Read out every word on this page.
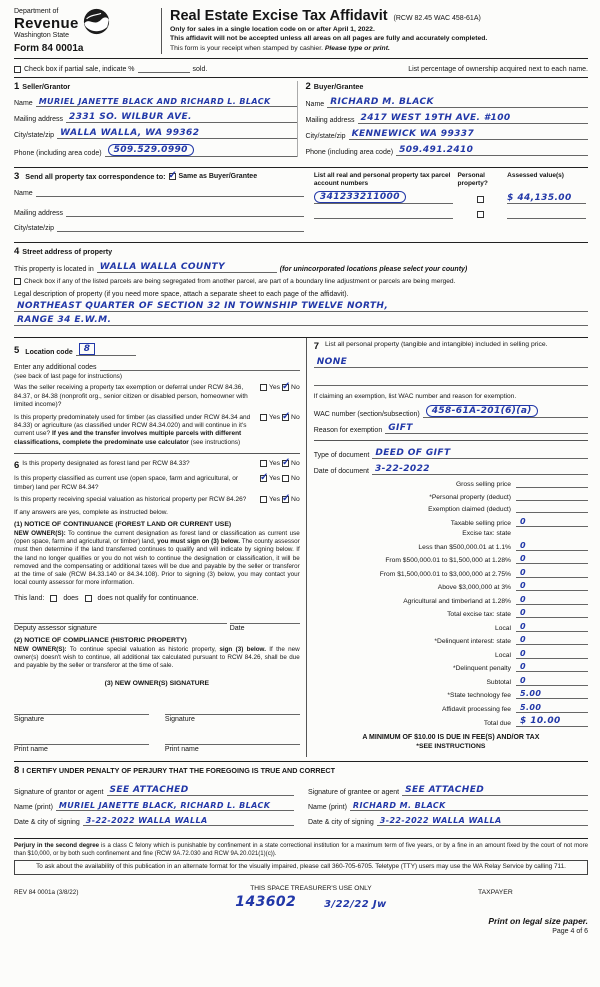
Department of
Revenue
Washington State
Form 84 0001a
Real Estate Excise Tax Affidavit (RCW 82.45 WAC 458-61A)
Only for sales in a single location code on or after April 1, 2022.
This affidavit will not be accepted unless all areas on all pages are fully and accurately completed.
This form is your receipt when stamped by cashier. Please type or print.
Check box if partial sale, indicate %	sold.	List percentage of ownership acquired next to each name.
1 Seller/Grantor
Name MURIEL JANETTE BLACK AND RICHARD L. BLACK
Mailing address 2331 SO. WILBUR AVE.
City/state/zip WALLA WALLA, WA 99362
Phone (including area code)	509.529.0990
2 Buyer/Grantee
Name RICHARD M. BLACK
Mailing address 2417 WEST 19TH AVE. #100
City/state/zip KENNEWICK WA 99337
Phone (including area code) 509.491.2410
3 Send all property tax correspondence to: ✓ Same as Buyer/Grantee
Name
Mailing address
City/state/zip
List all real and personal property tax parcel account numbers	Personal property?	Assessed value(s)

341233211000		$ 44,135.00

4 Street address of property
This property is located in WALLA WALLA COUNTY	(for unincorporated locations please select your county)
Check box if any of the listed parcels are being segregated from another parcel, are part of a boundary line adjustment or parcels are being merged.
Legal description of property (if you need more space, attach a separate sheet to each page of the affidavit).
NORTHEAST QUARTER OF SECTION 32 IN TOWNSHIP TWELVE NORTH,
RANGE 34 E.W.M.
5 Location code	8
Enter any additional codes
(see back of last page for instructions)
Was the seller receiving a property tax exemption or deferral under RCW 84.36, 84.37, or 84.38 (nonprofit org., senior citizen or disabled person, homeowner with limited income)?
Yes ✓ No
Is this property predominately used for timber (as classified under RCW 84.34 and 84.33) or agriculture (as classified under RCW 84.34.020) and will continue in it's current use? If yes and the transfer involves multiple parcels with different classifications, complete the predominate use calculator (see instructions)
Yes ✓ No
6 Is this property designated as forest land per RCW 84.33?	Yes ✓ No
Is this property classified as current use (open space, farm and agricultural, or timber) land per RCW 84.34?
✓
Yes No
Is this property receiving special valuation as historical property per RCW 84.26?	Yes ✓ No
If any answers are yes, complete as instructed below.
(1) NOTICE OF CONTINUANCE (FOREST LAND OR CURRENT USE)
NEW OWNER(S): To continue the current designation as forest land or classification as current use (open space, farm and agricultural, or timber) land, you must sign on (3) below. The county assessor must then determine if the land transferred continues to qualify and will indicate by signing below. If the land no longer qualifies or you do not wish to continue the designation or classification, it will be removed and the compensating or additional taxes will be due and payable by the seller or transferor at the time of sale (RCW 84.33.140 or 84.34.108). Prior to signing (3) below, you may contact your local county assessor for more information.
This land:	does	does not qualify for continuance.
Deputy assessor signature	Date
(2) NOTICE OF COMPLIANCE (HISTORIC PROPERTY)
NEW OWNER(S): To continue special valuation as historic property, sign (3) below. If the new owner(s) doesn't wish to continue, all additional tax calculated pursuant to RCW 84.26, shall be due and payable by the seller or transferor at the time of sale.
(3) NEW OWNER(S) SIGNATURE
Signature
Print name
Signature
Print name
7 List all personal property (tangible and intangible) included in selling price.
NONE
If claiming an exemption, list WAC number and reason for exemption.
WAC number (section/subsection)	458-61A-201(6)(a)
Reason for exemption GIFT
Type of document DEED OF GIFT
Date of document 3-22-2022
Gross selling price
*Personal property (deduct)
Exemption claimed (deduct)
Taxable selling price	0
Excise tax: state
Less than $500,000.01 at 1.1%	0
From $500,000.01 to $1,500,000 at 1.28%	0
From $1,500,000.01 to $3,000,000 at 2.75%	0
Above $3,000,000 at 3%	0
Agricultural and timberland at 1.28%	0
Total excise tax: state	0
Local	0
*Delinquent interest: state	0
Local	0
*Delinquent penalty	0
Subtotal	0
*State technology fee	5.00
Affidavit processing fee	5.00
Total due	$ 10.00
A MINIMUM OF $10.00 IS DUE IN FEE(S) AND/OR TAX
*SEE INSTRUCTIONS
8 I CERTIFY UNDER PENALTY OF PERJURY THAT THE FOREGOING IS TRUE AND CORRECT
Signature of grantor or agent SEE ATTACHED
Name (print) MURIEL JANETTE BLACK, RICHARD L. BLACK
Date & city of signing 3-22-2022 WALLA WALLA
Signature of grantee or agent SEE ATTACHED
Name (print) RICHARD M. BLACK
Date & city of signing 3-22-2022 WALLA WALLA
Perjury in the second degree is a class C felony which is punishable by confinement in a state correctional institution for a maximum term of five years, or by a fine in an amount fixed by the court of not more than $10,000, or by both such confinement and fine (RCW 9A.72.030 and RCW 9A.20.021(1)(c)).
To ask about the availability of this publication in an alternate format for the visually impaired, please call 360-705-6705. Teletype (TTY) users may use the WA Relay Service by calling 711.
REV 84 0001a (3/8/22)
THIS SPACE TREASURER'S USE ONLY
143602	3/22/22 Jw
TAXPAYER
Print on legal size paper.
Page 4 of 6
